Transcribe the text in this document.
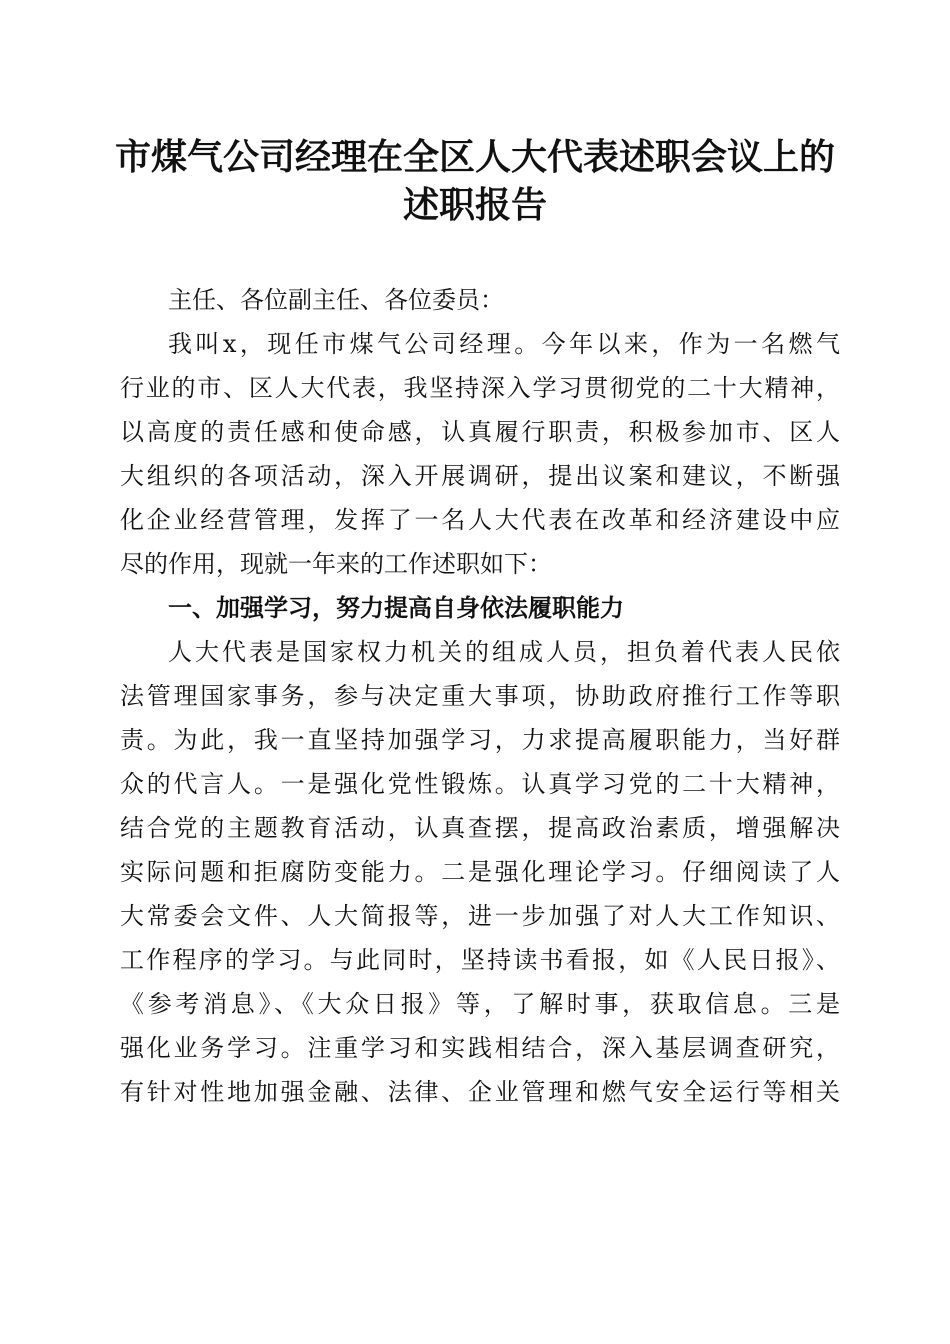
市煤气公司经理在全区人大代表述职会议上的
述职报告
主任、各位副主任、各位委员：
我叫x，现任市煤气公司经理。今年以来，作为一名燃气
行业的市、区人大代表，我坚持深入学习贯彻党的二十大精神，
以高度的责任感和使命感，认真履行职责，积极参加市、区人
大组织的各项活动，深入开展调研，提出议案和建议，不断强
化企业经营管理，发挥了一名人大代表在改革和经济建设中应
尽的作用，现就一年来的工作述职如下：
一、加强学习，努力提高自身依法履职能力
人大代表是国家权力机关的组成人员，担负着代表人民依
法管理国家事务，参与决定重大事项，协助政府推行工作等职
责。为此，我一直坚持加强学习，力求提高履职能力，当好群
众的代言人。一是强化党性锻炼。认真学习党的二十大精神，
结合党的主题教育活动，认真查摆，提高政治素质，增强解决
实际问题和拒腐防变能力。二是强化理论学习。仔细阅读了人
大常委会文件、人大简报等，进一步加强了对人大工作知识、
工作程序的学习。与此同时，坚持读书看报，如《人民日报》、
《参考消息》、《大众日报》等，了解时事，获取信息。三是
强化业务学习。注重学习和实践相结合，深入基层调查研究，
有针对性地加强金融、法律、企业管理和燃气安全运行等相关
